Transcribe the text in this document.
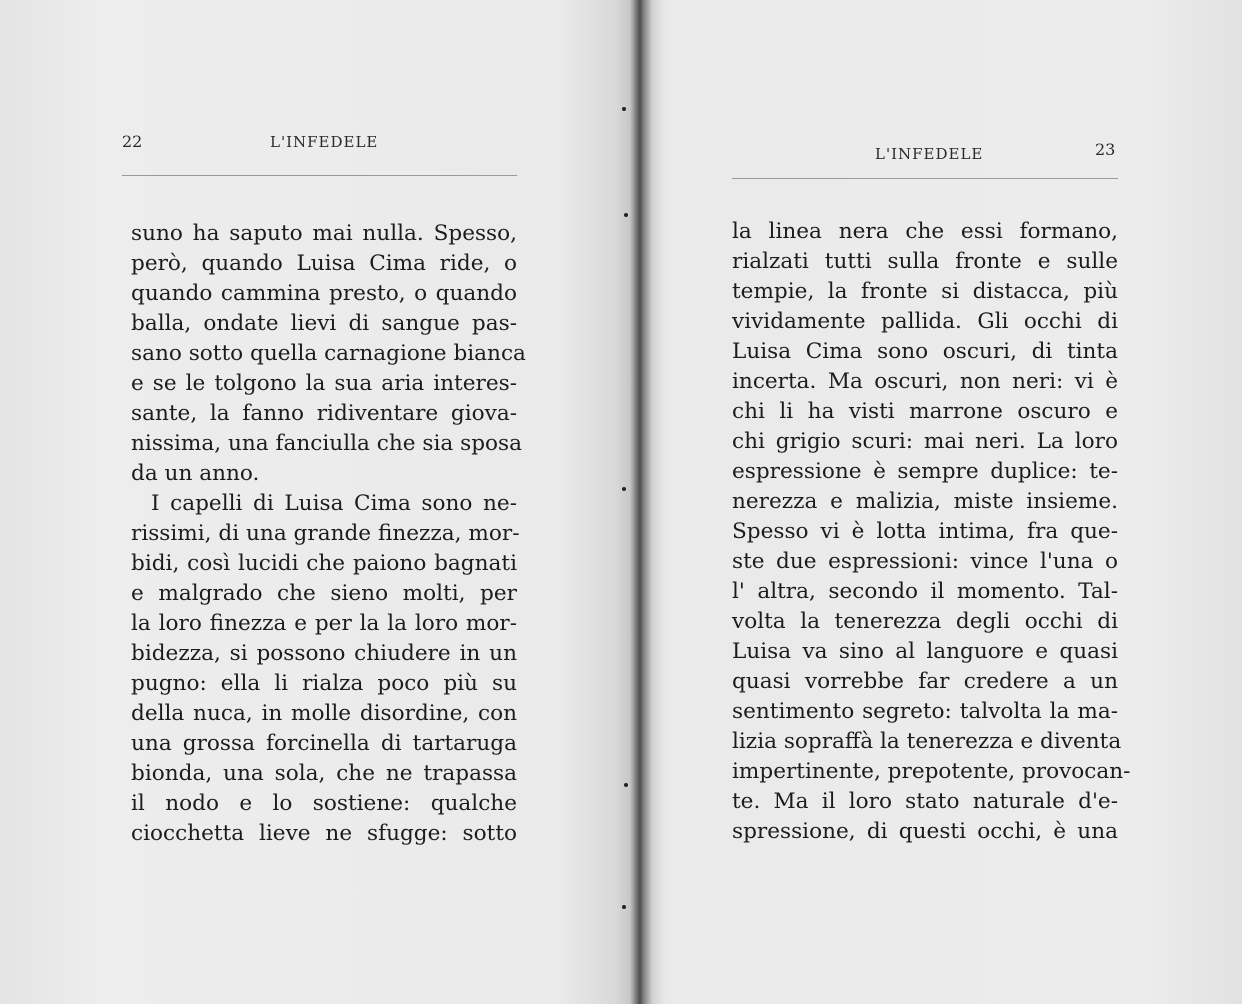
22	L'INFEDELE
suno ha saputo mai nulla. Spesso,
però, quando Luisa Cima ride, o
quando cammina presto, o quando
balla, ondate lievi di sangue pas-
sano sotto quella carnagione bianca
e se le tolgono la sua aria interes-
sante, la fanno ridiventare giova-
nissima, una fanciulla che sia sposa
da un anno.
I capelli di Luisa Cima sono ne-
rissimi, di una grande finezza, mor-
bidi, così lucidi che paiono bagnati
e malgrado che sieno molti, per
la loro finezza e per la la loro mor-
bidezza, si possono chiudere in un
pugno: ella li rialza poco più su
della nuca, in molle disordine, con
una grossa forcinella di tartaruga
bionda, una sola, che ne trapassa
il nodo e lo sostiene: qualche
ciocchetta lieve ne sfugge: sotto
L'INFEDELE	23
la linea nera che essi formano,
rialzati tutti sulla fronte e sulle
tempie, la fronte si distacca, più
vividamente pallida. Gli occhi di
Luisa Cima sono oscuri, di tinta
incerta. Ma oscuri, non neri: vi è
chi li ha visti marrone oscuro e
chi grigio scuri: mai neri. La loro
espressione è sempre duplice: te-
nerezza e malizia, miste insieme.
Spesso vi è lotta intima, fra que-
ste due espressioni: vince l'una o
l' altra, secondo il momento. Tal-
volta la tenerezza degli occhi di
Luisa va sino al languore e quasi
quasi vorrebbe far credere a un
sentimento segreto: talvolta la ma-
lizia sopraffà la tenerezza e diventa
impertinente, prepotente, provocan-
te. Ma il loro stato naturale d'e-
spressione, di questi occhi, è una
